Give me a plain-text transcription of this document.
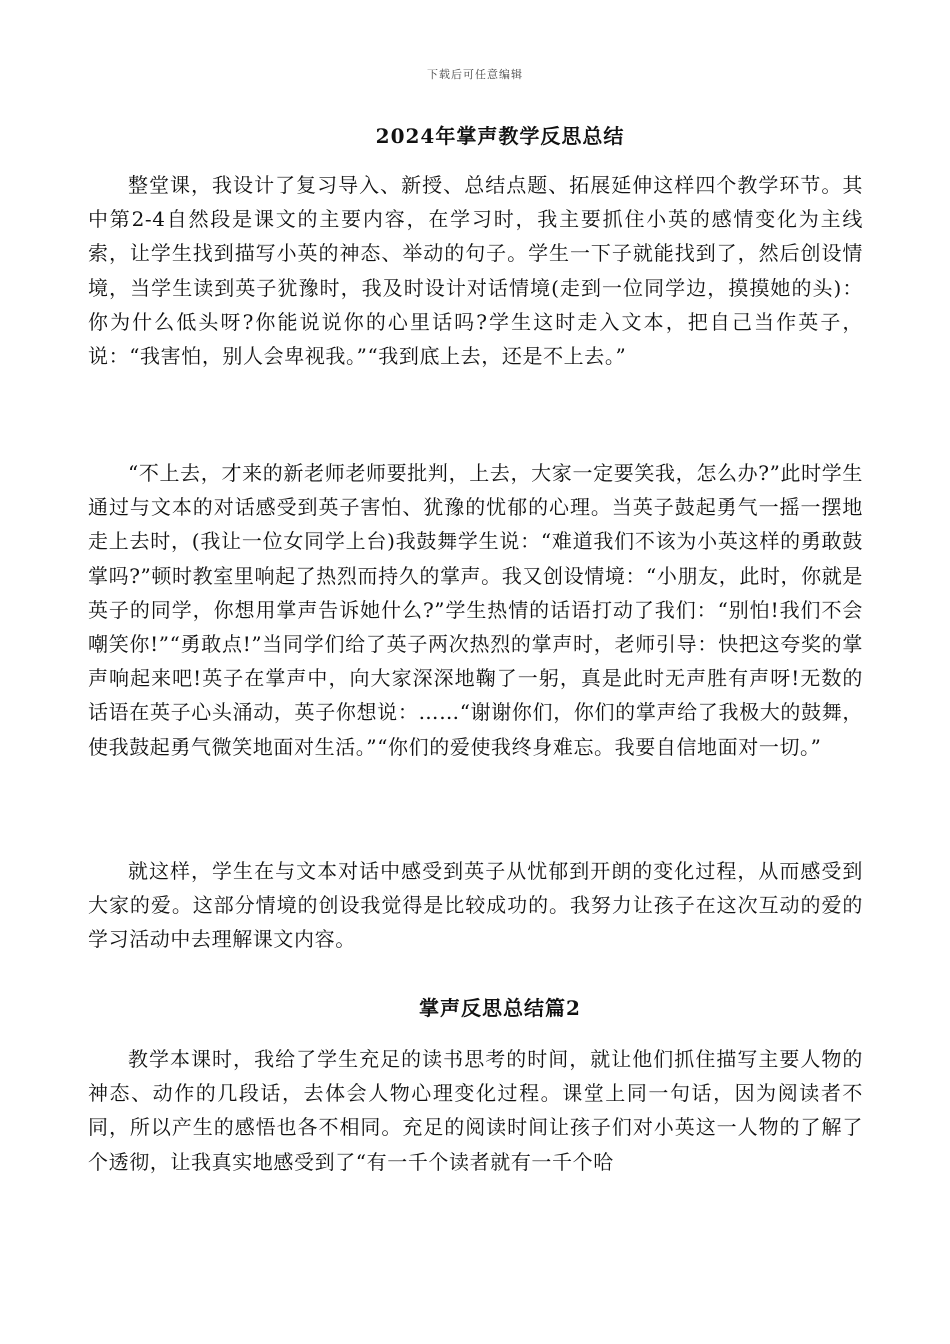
下载后可任意编辑
2024年掌声教学反思总结

整堂课，我设计了复习导入、新授、总结点题、拓展延伸这样四个教学环节。其中第2-4自然段是课文的主要内容，在学习时，我主要抓住小英的感情变化为主线索，让学生找到描写小英的神态、举动的句子。学生一下子就能找到了，然后创设情境，当学生读到英子犹豫时，我及时设计对话情境(走到一位同学边，摸摸她的头)：你为什么低头呀?你能说说你的心里话吗?学生这时走入文本，把自己当作英子，说：“我害怕，别人会卑视我。”“我到底上去，还是不上去。”

“不上去，才来的新老师老师要批判，上去，大家一定要笑我，怎么办?”此时学生通过与文本的对话感受到英子害怕、犹豫的忧郁的心理。当英子鼓起勇气一摇一摆地走上去时，(我让一位女同学上台)我鼓舞学生说：“难道我们不该为小英这样的勇敢鼓掌吗?”顿时教室里响起了热烈而持久的掌声。我又创设情境：“小朋友，此时，你就是英子的同学，你想用掌声告诉她什么?”学生热情的话语打动了我们：“别怕!我们不会嘲笑你!”“勇敢点!”当同学们给了英子两次热烈的掌声时，老师引导：快把这夸奖的掌声响起来吧!英子在掌声中，向大家深深地鞠了一躬，真是此时无声胜有声呀!无数的话语在英子心头涌动，英子你想说：……“谢谢你们，你们的掌声给了我极大的鼓舞，使我鼓起勇气微笑地面对生活。”“你们的爱使我终身难忘。我要自信地面对一切。”

就这样，学生在与文本对话中感受到英子从忧郁到开朗的变化过程，从而感受到大家的爱。这部分情境的创设我觉得是比较成功的。我努力让孩子在这次互动的爱的学习活动中去理解课文内容。

掌声反思总结篇2

教学本课时，我给了学生充足的读书思考的时间，就让他们抓住描写主要人物的神态、动作的几段话，去体会人物心理变化过程。课堂上同一句话，因为阅读者不同，所以产生的感悟也各不相同。充足的阅读时间让孩子们对小英这一人物的了解了个透彻，让我真实地感受到了“有一千个读者就有一千个哈
